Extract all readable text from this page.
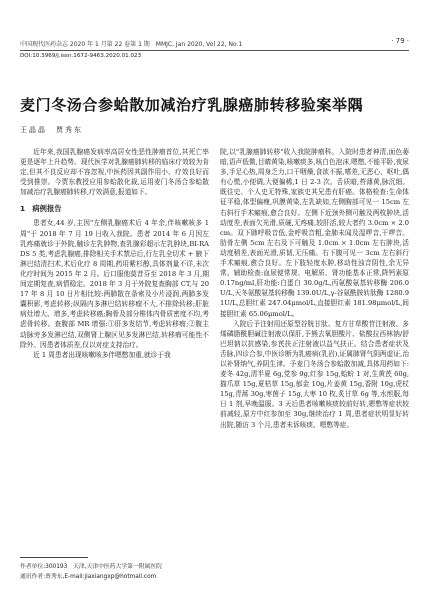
中国现代医药杂志 2020 年 1 月第 22 卷第 1 期　MMJC, Jan 2020, Vol 22, No.1	· 79 ·
DOI:10.3969/j.issn.1672-9463.2020.01.023
麦门冬汤合参蛤散加减治疗乳腺癌肺转移验案举隅
王晶晶　贾秀东

近年来,我国乳腺癌发病率高居女性恶性肿瘤首位,其死亡率更是逐年上升趋势。现代医学对乳腺癌肺转移的临床疗效较为肯定,但其不良反应却不容忽视,中医药因其副作用小、疗效良好而受到推崇。今贾东教授应用参蛤散化裁,运用麦门冬汤合参蛤散加减治疗乳腺癌肺转移,疗效满意,报道如下。

1　病例报告

患者女,44 岁,主因"左侧乳腺癌术后 4 年余,伴咳嗽咳多 1 周"于 2018 年 7 月 19 日收入我院。患者 2014 年 6 月因左乳疼痛就诊于外院,触诊左乳肿物,查乳腺彩超示左乳肿块,BI-RADS 5 类,考虑乳腺癌,排除相关手术禁忌后,行左乳全切术 + 腋下淋巴结清扫术,术后化疗 8 周期,药用紫杉醇,具体剂量不详,未次化疗时间为 2015 年 2 月。后口服他莫昔芬至 2018 年 3 月,期间定期复查,病情稳定。2018 年 3 月于外院复查胸部 CT,与 2017 年 8 月 10 日片相比较:两肺散在条索及小片浸润,两肺多发囊积影,考虑转移;纵隔内多淋巴结转移瘤不大,不排除转移;肝脏病灶增大、增多,考虑转移癌;胸骨及部分椎体内骨质密度不均,考虑骨转移。查腹部 MR 增强:①肝多发结节,考虑转移瘤;②腹主动脉旁多发淋巴结,双侧肾上腺区见多发淋巴结,转移瘤可能性不除外。因患者体质差,仅以对症支持治疗。

近 1 周患者出现咳嗽咳多伴嗯憋加重,就诊于我

院,以"乳腺癌肺转移"收入我院肿瘤科。入院时患者神清,面色萎暗,语声低微,目睛黄染,咳嗽痰多,咳白色泡沫,嗯憋,不能平卧,夜尿多,手足心热,周身乏力,口干咽燥,食欲不振,嗜差,无恶心、呕吐,偶有心慌,小便调,大便偏稀,1 日 2-3 次。舌质暗,苔薄黄,脉沉细。既往史、个人史无特殊,家族史其兄患有肝癌。体格检查:生命体征平稳,体型偏瘦,巩膜黄染,左乳缺如,左侧胸部可见一 15cm 左右斜行手术瘢痕,愈合良好。左侧下近颈外侧可触及两枚肿块,活动度差,表面欠光滑,质硬,无疼痛,较肝活,较大者约 3.0cm × 2.0cm。双下肺呼吸音低,金呼吸音粗,金肺未闻及湿啰音,干啰音。肋骨左侧 5cm 左右及下可触及 1.0cm × 1.0cm 左右肿块,活动度稍差,表面光滑,质韧,无压痛。右下腹可见一 3cm 左右斜行手术瘢痕,愈合良好。左下肢轻度水肿,移动性浊音阴性,余无异常。辅助检查:血尿便常规、电解质、肾功能基本正常,降钙素原 0.17ng/ml,肝功能:白蛋白 30.0g/L,丙氨酸氨基转移酶 206.0U/L,天冬氨酸氨基转移酶 139.0U/L,γ-谷氨酰胺转肽酶 1280.91U/L,总胆红素 247.04μmol/L,直接胆红素 181.98μmol/L,间接胆红素 65.06μmol/L。

入院后予注射用还原型谷胱甘肽、复方甘草酸苷注射液、多烯磷脂酰胆碱注射液以保肝,予熊去氧胆酸片、盐酸拉西林钠/舒巴坦钠以抗感染,参芪扶正注射液以益气扶正。结合患者症状及舌脉,四诊合参,中医诊断为乳癌病(乳岩),证属肺肾气阴两虚证,治以补肾纳气,养阴生津。予麦门冬汤合参蛤散加减,具体用药如下:麦冬 42g,清半夏 6g,党参 9g,红参 15g,蛤蚧 1 对,生黄芪 60g,猫爪草 15g,夏枯草 15g,郁金 10g,片姜黄 15g,香附 10g,虎杖 15g,青蒿 30g,枣茵子 15g,大枣 10 枚,炙甘草 6g 等,水煎服,每日 1 剂,早晚温服。3 天后患者咳嗽咳痰较前好转,嗯憋等症状较前减轻,原方中红参加至 30g,继续治疗 1 周,患者症状明显好转出院,随访 3 个月,患者未诉咳痰、嗯憋等症。

作者单位:300193　天津,天津中医药大学第一附属医院
通讯作者:贾秀东,E-mail:jiaxiangxp@hotmail.com
